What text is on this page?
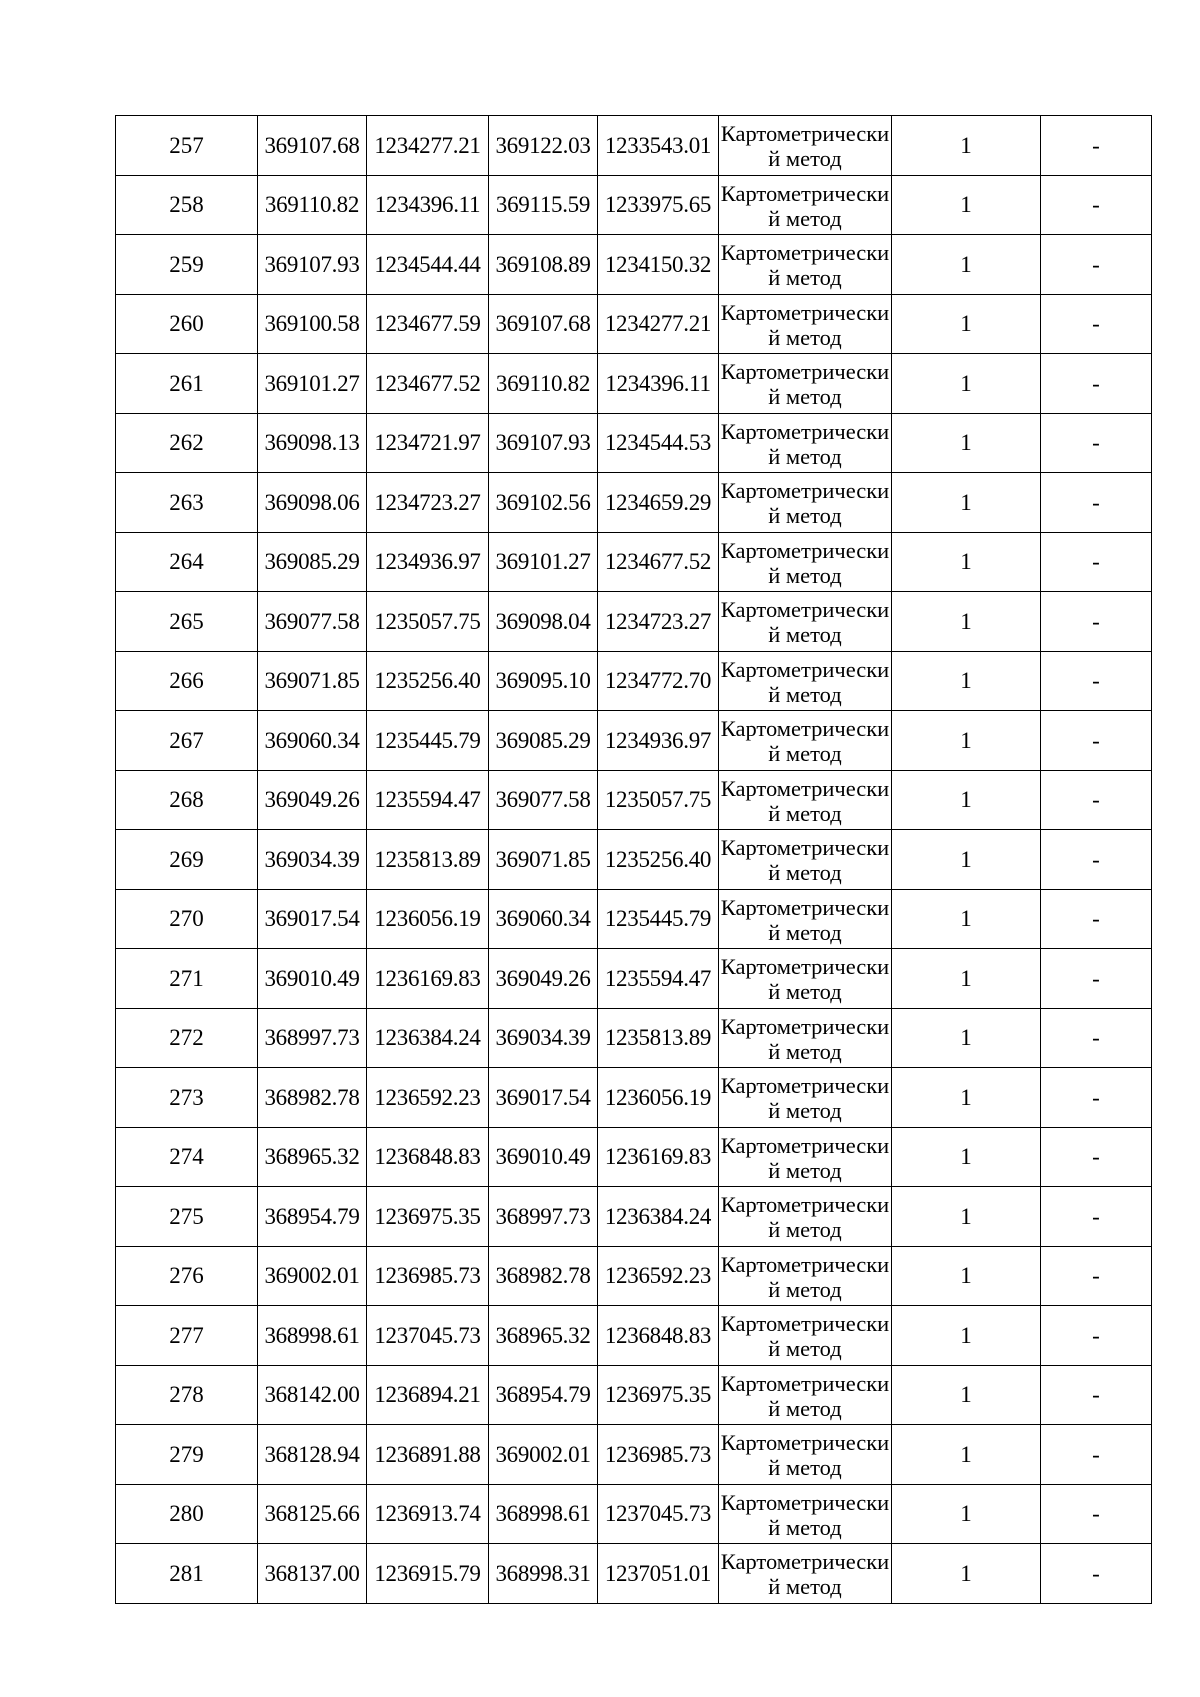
257	369107.68	1234277.21	369122.03	1233543.01	Картометрический метод	1	-
258	369110.82	1234396.11	369115.59	1233975.65	Картометрический метод	1	-
259	369107.93	1234544.44	369108.89	1234150.32	Картометрический метод	1	-
260	369100.58	1234677.59	369107.68	1234277.21	Картометрический метод	1	-
261	369101.27	1234677.52	369110.82	1234396.11	Картометрический метод	1	-
262	369098.13	1234721.97	369107.93	1234544.53	Картометрический метод	1	-
263	369098.06	1234723.27	369102.56	1234659.29	Картометрический метод	1	-
264	369085.29	1234936.97	369101.27	1234677.52	Картометрический метод	1	-
265	369077.58	1235057.75	369098.04	1234723.27	Картометрический метод	1	-
266	369071.85	1235256.40	369095.10	1234772.70	Картометрический метод	1	-
267	369060.34	1235445.79	369085.29	1234936.97	Картометрический метод	1	-
268	369049.26	1235594.47	369077.58	1235057.75	Картометрический метод	1	-
269	369034.39	1235813.89	369071.85	1235256.40	Картометрический метод	1	-
270	369017.54	1236056.19	369060.34	1235445.79	Картометрический метод	1	-
271	369010.49	1236169.83	369049.26	1235594.47	Картометрический метод	1	-
272	368997.73	1236384.24	369034.39	1235813.89	Картометрический метод	1	-
273	368982.78	1236592.23	369017.54	1236056.19	Картометрический метод	1	-
274	368965.32	1236848.83	369010.49	1236169.83	Картометрический метод	1	-
275	368954.79	1236975.35	368997.73	1236384.24	Картометрический метод	1	-
276	369002.01	1236985.73	368982.78	1236592.23	Картометрический метод	1	-
277	368998.61	1237045.73	368965.32	1236848.83	Картометрический метод	1	-
278	368142.00	1236894.21	368954.79	1236975.35	Картометрический метод	1	-
279	368128.94	1236891.88	369002.01	1236985.73	Картометрический метод	1	-
280	368125.66	1236913.74	368998.61	1237045.73	Картометрический метод	1	-
281	368137.00	1236915.79	368998.31	1237051.01	Картометрический метод	1	-
